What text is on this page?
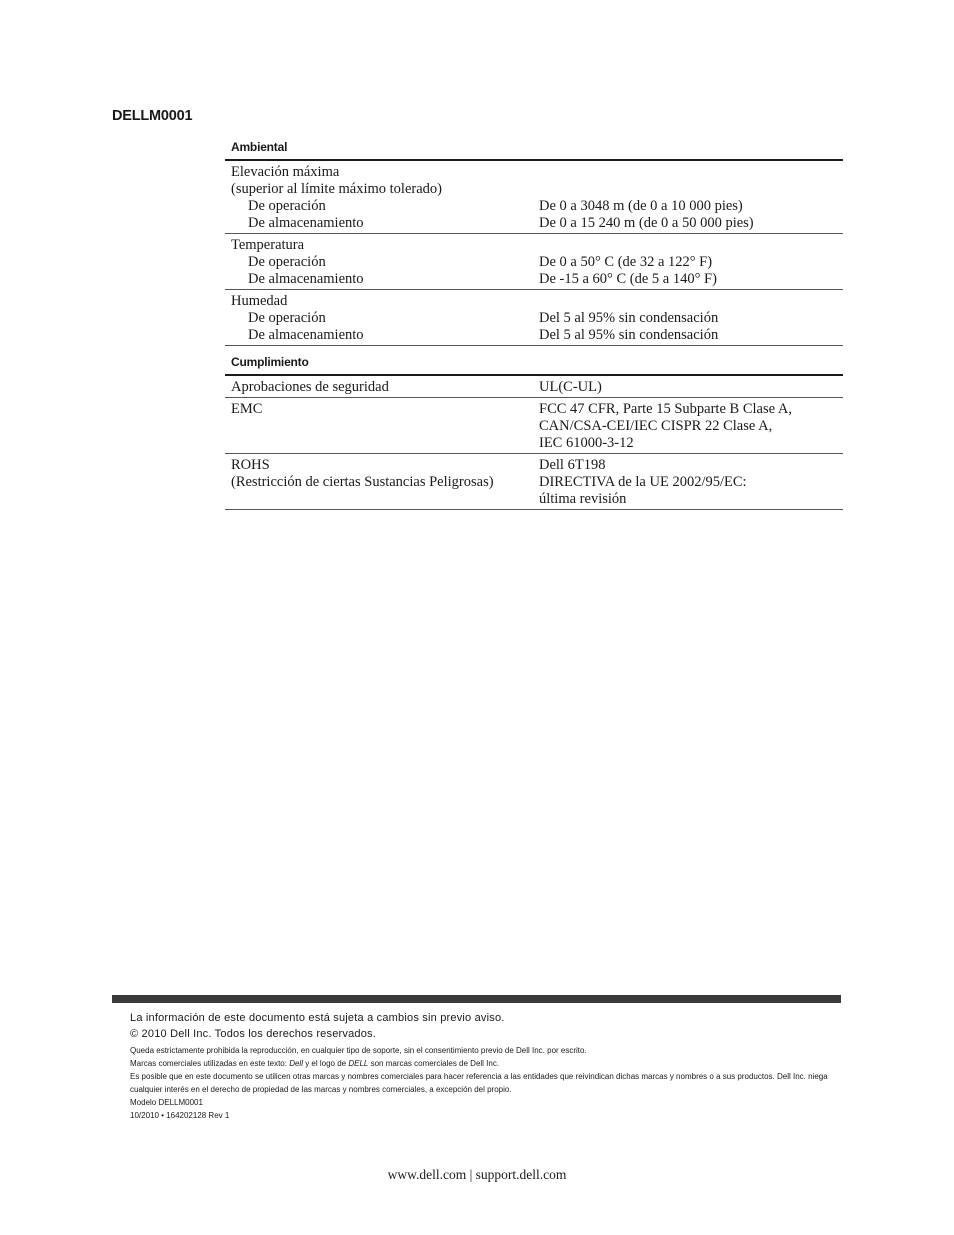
DELLM0001
Ambiental
Elevación máxima
(superior al límite máximo tolerado)
De operación
De almacenamiento
De 0 a 3048 m (de 0 a 10 000 pies)
De 0 a 15 240 m (de 0 a 50 000 pies)
Temperatura
De operación
De almacenamiento
De 0 a 50° C (de 32 a 122° F)
De -15 a 60° C (de 5 a 140° F)
Humedad
De operación
De almacenamiento
Del 5 al 95% sin condensación
Del 5 al 95% sin condensación
Cumplimiento
Aprobaciones de seguridad	UL(C-UL)
EMC	FCC 47 CFR, Parte 15 Subparte B Clase A,
CAN/CSA-CEI/IEC CISPR 22 Clase A,
IEC 61000-3-12
ROHS
(Restricción de ciertas Sustancias Peligrosas)
Dell 6T198
DIRECTIVA de la UE 2002/95/EC:
última revisión
La información de este documento está sujeta a cambios sin previo aviso.
© 2010 Dell Inc. Todos los derechos reservados.
Queda estrictamente prohibida la reproducción, en cualquier tipo de soporte, sin el consentimiento previo de Dell Inc. por escrito.
Marcas comerciales utilizadas en este texto: Dell y el logo de DELL son marcas comerciales de Dell Inc.
Es posible que en este documento se utilicen otras marcas y nombres comerciales para hacer referencia a las entidades que reivindican dichas marcas y nombres o a sus productos. Dell Inc. niega cualquier interés en el derecho de propiedad de las marcas y nombres comerciales, a excepción del propio.
Modelo DELLM0001
10/2010 • 164202128 Rev 1
www.dell.com | support.dell.com
